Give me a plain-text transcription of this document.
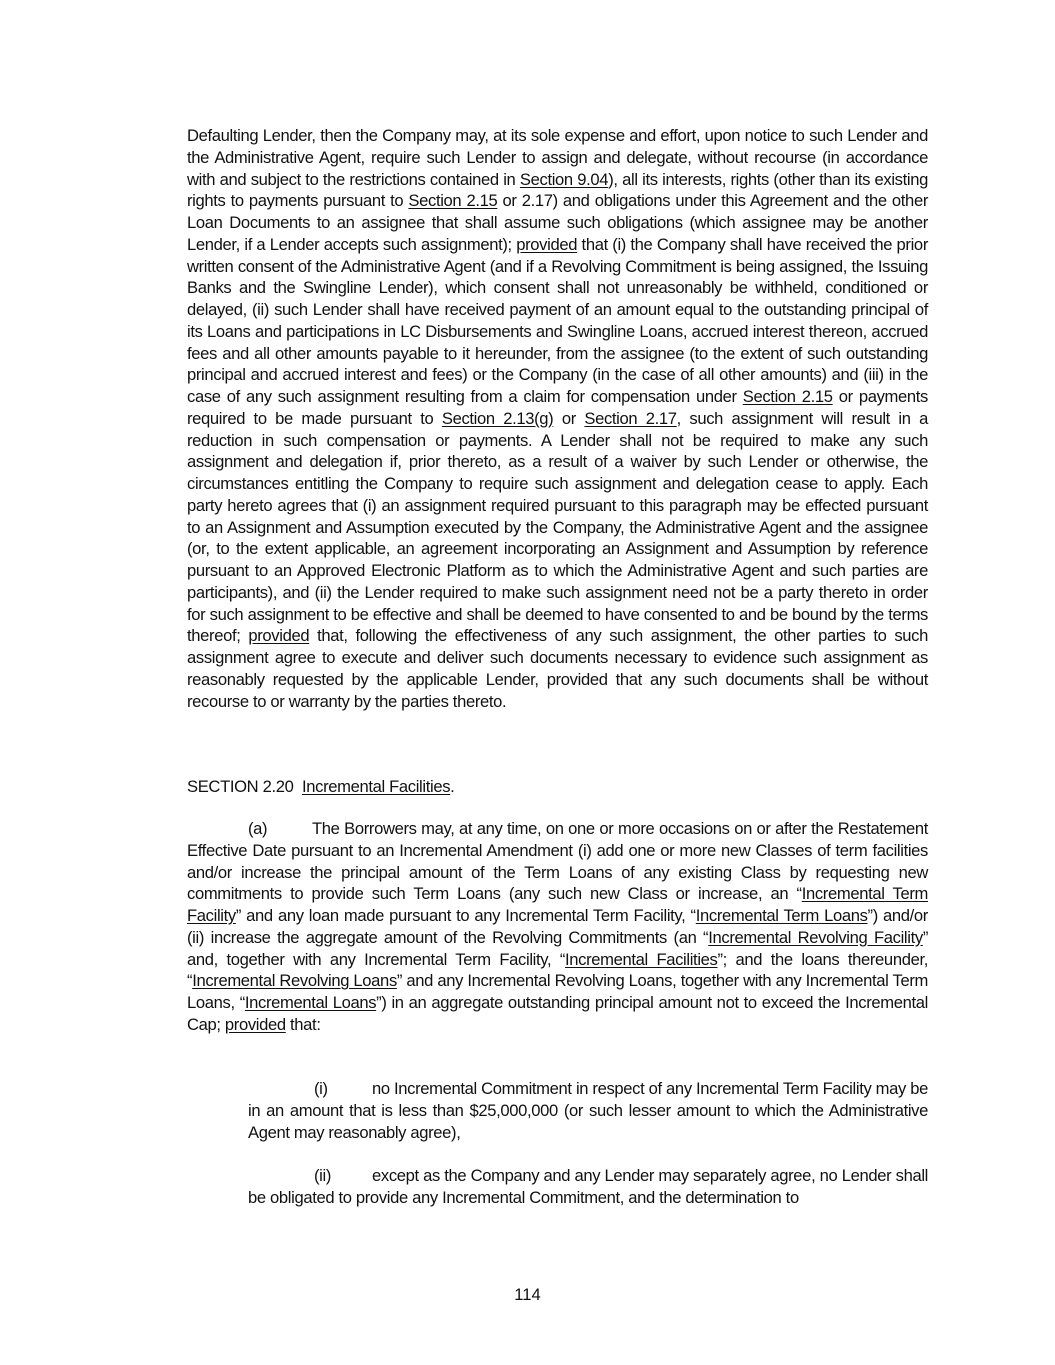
Defaulting Lender, then the Company may, at its sole expense and effort, upon notice to such Lender and the Administrative Agent, require such Lender to assign and delegate, without recourse (in accordance with and subject to the restrictions contained in Section 9.04), all its interests, rights (other than its existing rights to payments pursuant to Section 2.15 or 2.17) and obligations under this Agreement and the other Loan Documents to an assignee that shall assume such obligations (which assignee may be another Lender, if a Lender accepts such assignment); provided that (i) the Company shall have received the prior written consent of the Administrative Agent (and if a Revolving Commitment is being assigned, the Issuing Banks and the Swingline Lender), which consent shall not unreasonably be withheld, conditioned or delayed, (ii) such Lender shall have received payment of an amount equal to the outstanding principal of its Loans and participations in LC Disbursements and Swingline Loans, accrued interest thereon, accrued fees and all other amounts payable to it hereunder, from the assignee (to the extent of such outstanding principal and accrued interest and fees) or the Company (in the case of all other amounts) and (iii) in the case of any such assignment resulting from a claim for compensation under Section 2.15 or payments required to be made pursuant to Section 2.13(g) or Section 2.17, such assignment will result in a reduction in such compensation or payments. A Lender shall not be required to make any such assignment and delegation if, prior thereto, as a result of a waiver by such Lender or otherwise, the circumstances entitling the Company to require such assignment and delegation cease to apply. Each party hereto agrees that (i) an assignment required pursuant to this paragraph may be effected pursuant to an Assignment and Assumption executed by the Company, the Administrative Agent and the assignee (or, to the extent applicable, an agreement incorporating an Assignment and Assumption by reference pursuant to an Approved Electronic Platform as to which the Administrative Agent and such parties are participants), and (ii) the Lender required to make such assignment need not be a party thereto in order for such assignment to be effective and shall be deemed to have consented to and be bound by the terms thereof; provided that, following the effectiveness of any such assignment, the other parties to such assignment agree to execute and deliver such documents necessary to evidence such assignment as reasonably requested by the applicable Lender, provided that any such documents shall be without recourse to or warranty by the parties thereto.
SECTION 2.20 Incremental Facilities.
(a)	The Borrowers may, at any time, on one or more occasions on or after the Restatement Effective Date pursuant to an Incremental Amendment (i) add one or more new Classes of term facilities and/or increase the principal amount of the Term Loans of any existing Class by requesting new commitments to provide such Term Loans (any such new Class or increase, an “Incremental Term Facility” and any loan made pursuant to any Incremental Term Facility, “Incremental Term Loans”) and/or (ii) increase the aggregate amount of the Revolving Commitments (an “Incremental Revolving Facility” and, together with any Incremental Term Facility, “Incremental Facilities”; and the loans thereunder, “Incremental Revolving Loans” and any Incremental Revolving Loans, together with any Incremental Term Loans, “Incremental Loans”) in an aggregate outstanding principal amount not to exceed the Incremental Cap; provided that:
(i)	no Incremental Commitment in respect of any Incremental Term Facility may be in an amount that is less than $25,000,000 (or such lesser amount to which the Administrative Agent may reasonably agree),
(ii) except as the Company and any Lender may separately agree, no Lender shall be obligated to provide any Incremental Commitment, and the determination to
114
